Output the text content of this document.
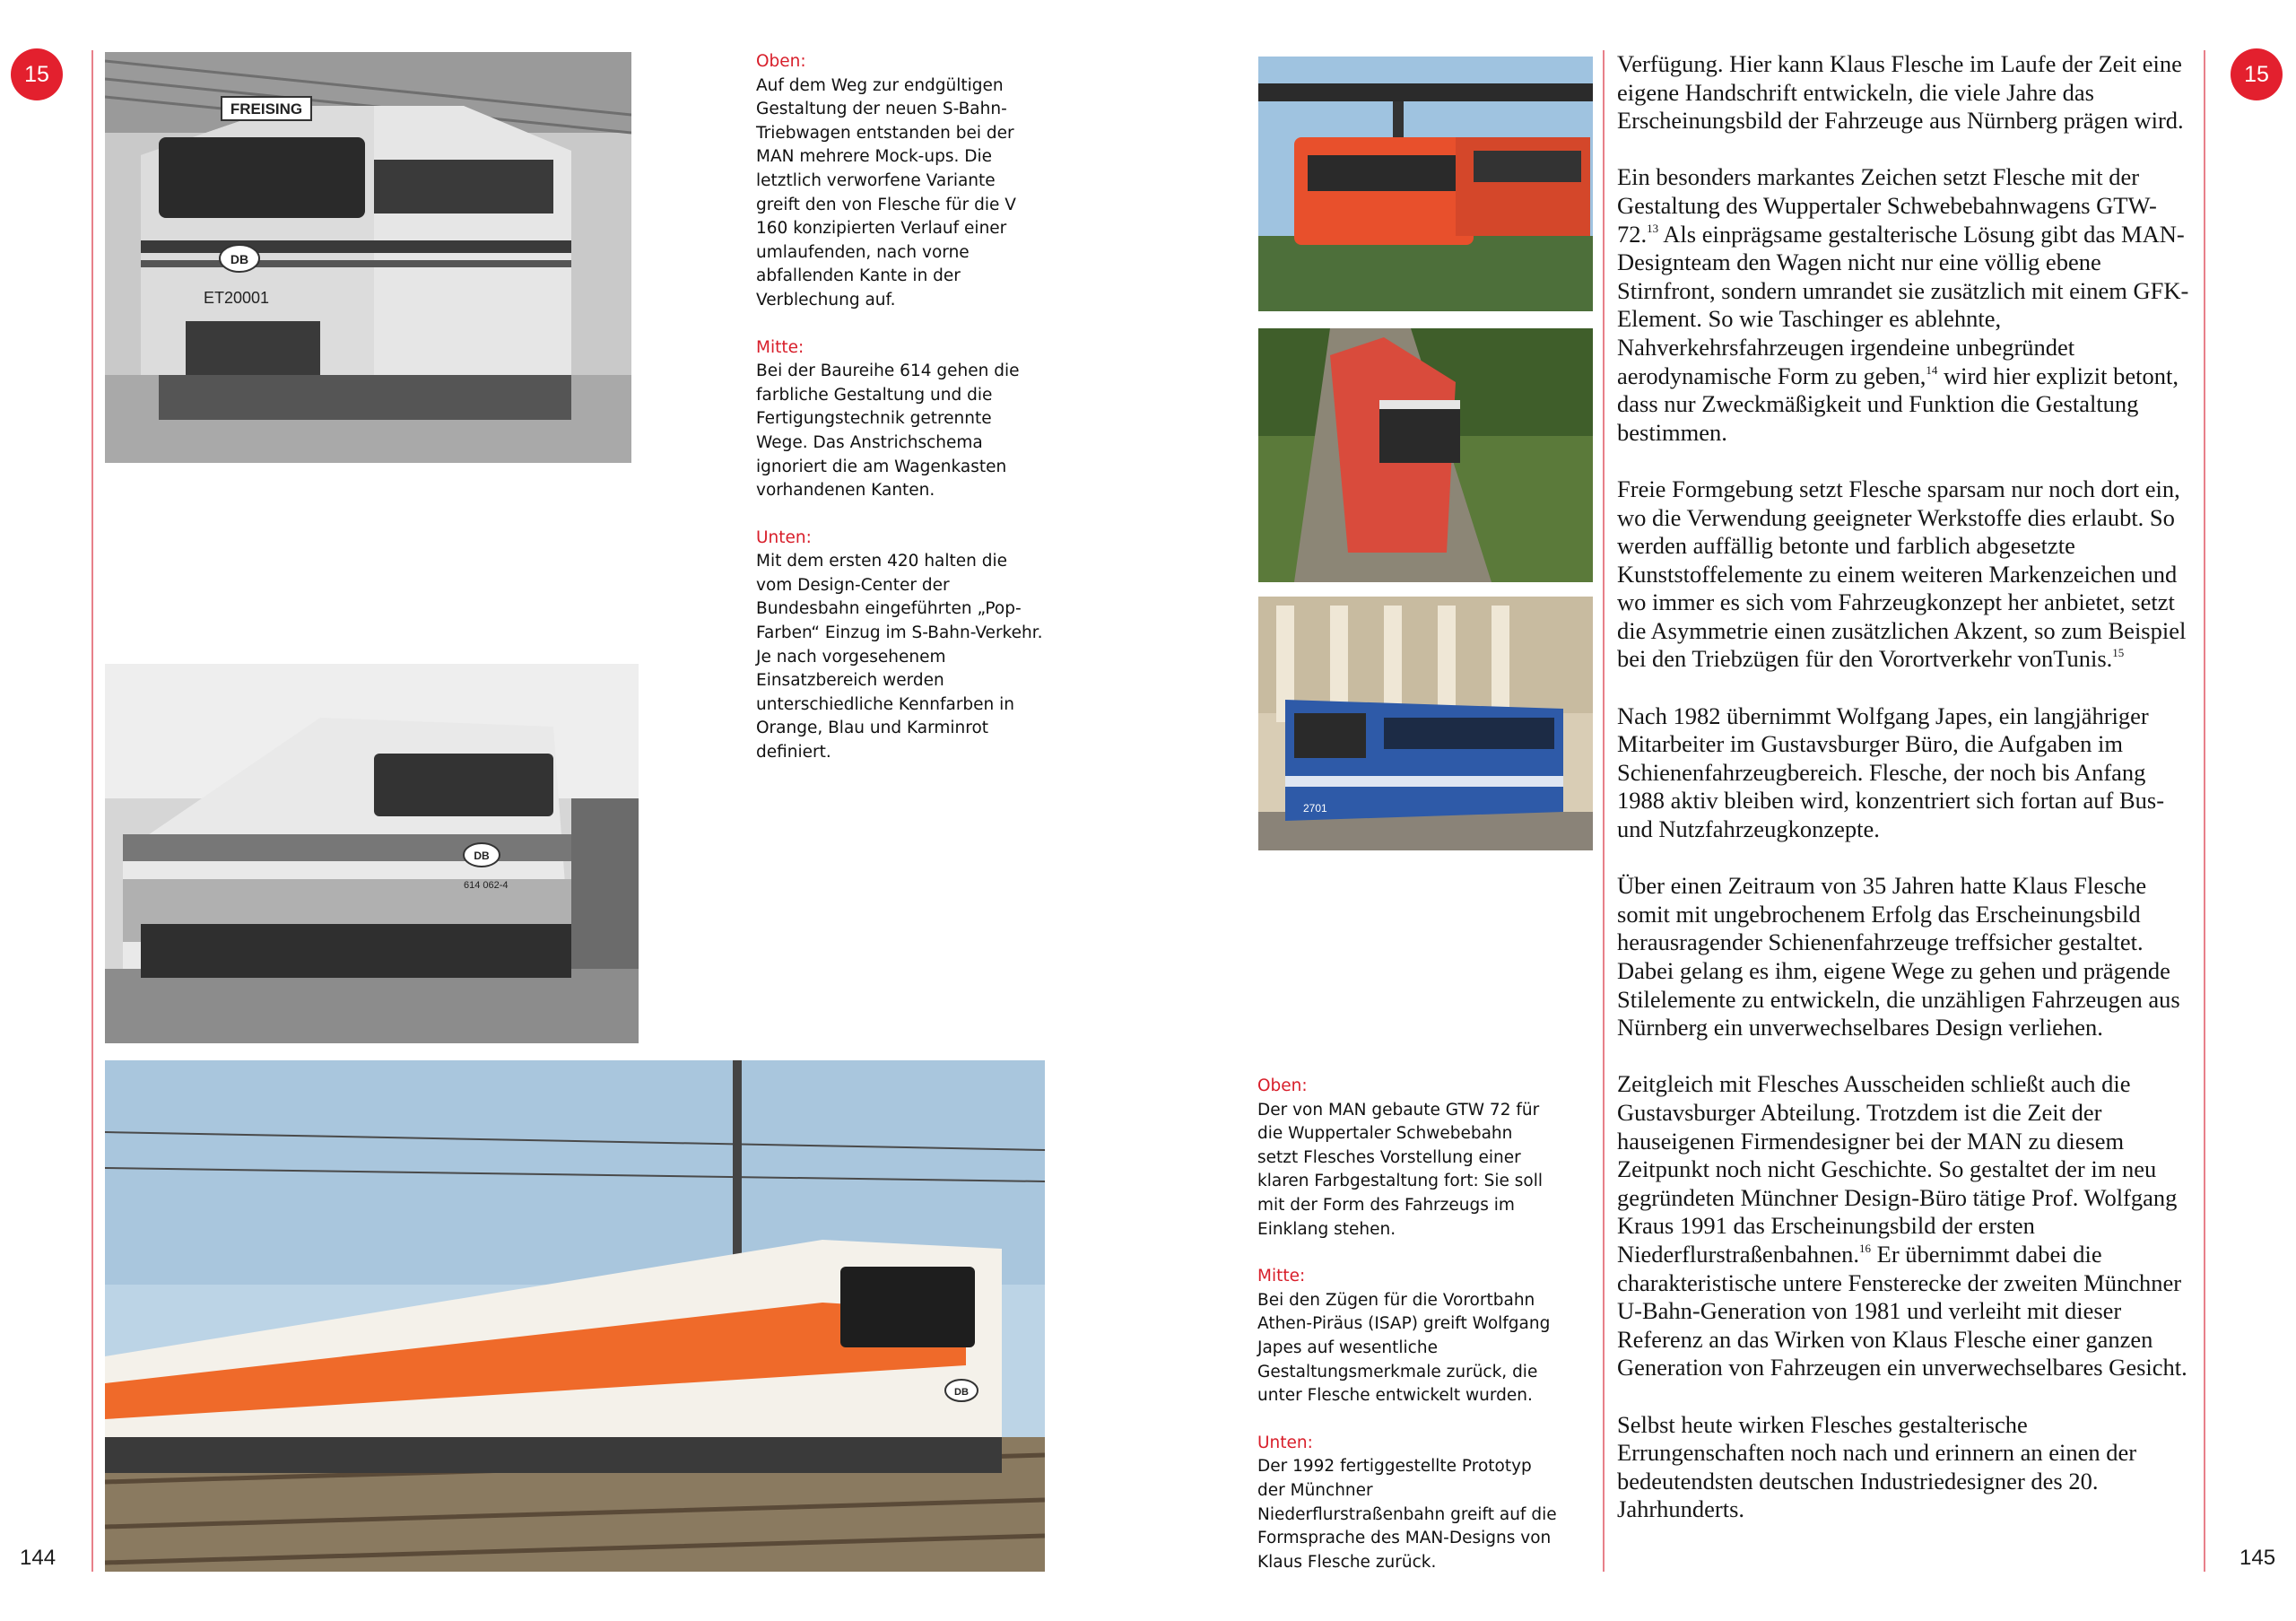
15
144
FREISING
DB
ET20001
DB
614 062-4
DB
Oben:

Auf dem Weg zur endgültigen Gestaltung der neuen S-Bahn-Triebwagen entstanden bei der MAN mehrere Mock-ups. Die letztlich verworfene Variante greift den von Flesche für die V 160 konzipierten Verlauf einer umlaufenden, nach vorne abfallenden Kante in der Verblechung auf.

Mitte:

Bei der Baureihe 614 gehen die farbliche Gestaltung und die Fertigungstechnik getrennte Wege. Das Anstrichschema ignoriert die am Wagenkasten vorhandenen Kanten.

Unten:

Mit dem ersten 420 halten die vom Design-Center der Bundesbahn eingeführten „Pop-Farben“ Einzug im S-Bahn-Verkehr. Je nach vorgesehenem Einsatzbereich werden unterschiedliche Kennfarben in Orange, Blau und Karminrot definiert.

2701
Oben:

Der von MAN gebaute GTW 72 für die Wuppertaler Schwebebahn setzt Flesches Vorstellung einer klaren Farbgestaltung fort: Sie soll mit der Form des Fahrzeugs im Einklang stehen.

Mitte:

Bei den Zügen für die Vorortbahn Athen-Piräus (ISAP) greift Wolfgang Japes auf wesentliche Gestaltungsmerkmale zurück, die unter Flesche entwickelt wurden.

Unten:

Der 1992 fertiggestellte Prototyp der Münchner Niederflurstraßenbahn greift auf die Formsprache des MAN-Designs von Klaus Flesche zurück.

Verfügung. Hier kann Klaus Flesche im Laufe der Zeit eine eigene Handschrift entwickeln, die viele Jahre das Erscheinungsbild der Fahrzeuge aus Nürnberg prägen wird.

Ein besonders markantes Zeichen setzt Flesche mit der Gestaltung des Wuppertaler Schwebebahnwagens GTW-72.13 Als einprägsame gestalterische Lösung gibt das MAN-Designteam den Wagen nicht nur eine völlig ebene Stirnfront, sondern umrandet sie zusätzlich mit einem GFK-Element. So wie Taschinger es ablehnte, Nahverkehrsfahrzeugen irgendeine unbegründet aerodynamische Form zu geben,$^{14}$ wird hier explizit betont, dass nur Zweckmäßigkeit und Funktion die Gestaltung bestimmen.

Freie Formgebung setzt Flesche sparsam nur noch dort ein, wo die Verwendung geeigneter Werkstoffe dies erlaubt. So werden auffällig betonte und farblich abgesetzte Kunststoffelemente zu einem weiteren Markenzeichen und wo immer es sich vom Fahrzeugkonzept her anbietet, setzt die Asymmetrie einen zusätzlichen Akzent, so zum Beispiel bei den Triebzügen für den Vorortverkehr vonTunis.$^{15}$

Nach 1982 übernimmt Wolfgang Japes, ein langjähriger Mitarbeiter im Gustavsburger Büro, die Aufgaben im Schienenfahrzeugbereich. Flesche, der noch bis Anfang 1988 aktiv bleiben wird, konzentriert sich fortan auf Bus- und Nutzfahrzeugkonzepte.

Über einen Zeitraum von 35 Jahren hatte Klaus Flesche somit mit ungebrochenem Erfolg das Erscheinungsbild herausragender Schienenfahrzeuge treffsicher gestaltet. Dabei gelang es ihm, eigene Wege zu gehen und prägende Stilelemente zu entwickeln, die unzähligen Fahrzeugen aus Nürnberg ein unverwechselbares Design verliehen.

Zeitgleich mit Flesches Ausscheiden schließt auch die Gustavsburger Abteilung. Trotzdem ist die Zeit der hauseigenen Firmendesigner bei der MAN zu diesem Zeitpunkt noch nicht Geschichte. So gestaltet der im neu gegründeten Münchner Design-Büro tätige Prof. Wolfgang Kraus 1991 das Erscheinungsbild der ersten Niederflurstraßenbahnen.$^{16}$ Er übernimmt dabei die charakteristische untere Fensterecke der zweiten Münchner U-Bahn-Generation von 1981 und verleiht mit dieser Referenz an das Wirken von Klaus Flesche einer ganzen Generation von Fahrzeugen ein unverwechselbares Gesicht.

Selbst heute wirken Flesches gestalterische Errungenschaften noch nach und erinnern an einen der bedeutendsten deutschen Industriedesigner des 20. Jahrhunderts.

15
145
